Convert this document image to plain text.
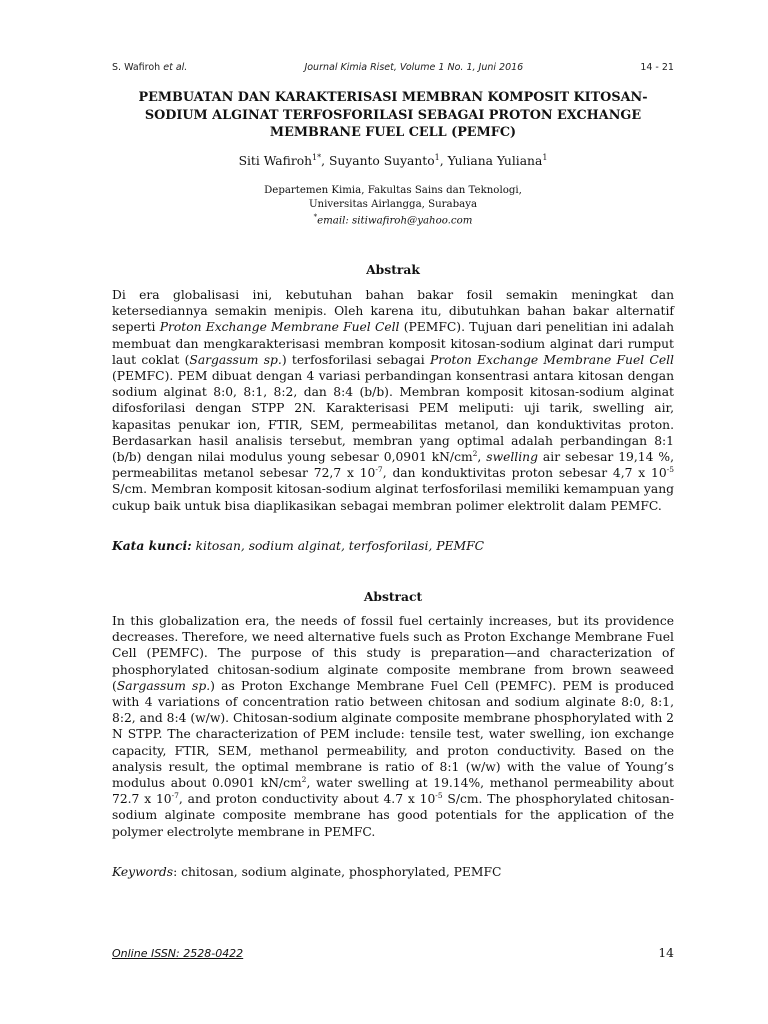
S. Wafiroh et al.	Journal Kimia Riset, Volume 1 No. 1, Juni 2016	14 - 21
PEMBUATAN DAN KARAKTERISASI MEMBRAN KOMPOSIT KITOSAN-SODIUM ALGINAT TERFOSFORILASI SEBAGAI PROTON EXCHANGE MEMBRANE FUEL CELL (PEMFC)
Siti Wafiroh$^{1*}$, Suyanto Suyanto$^1$, Yuliana Yuliana$^1$
Departemen Kimia, Fakultas Sains dan Teknologi,
Universitas Airlangga, Surabaya
*email: sitiwafiroh@yahoo.com
Abstrak

Di era globalisasi ini, kebutuhan bahan bakar fosil semakin meningkat dan ketersediannya semakin menipis. Oleh karena itu, dibutuhkan bahan bakar alternatif seperti Proton Exchange Membrane Fuel Cell (PEMFC). Tujuan dari penelitian ini adalah membuat dan mengkarakterisasi membran komposit kitosan-sodium alginat dari rumput laut coklat (Sargassum sp.) terfosforilasi sebagai Proton Exchange Membrane Fuel Cell (PEMFC). PEM dibuat dengan 4 variasi perbandingan konsentrasi antara kitosan dengan sodium alginat 8:0, 8:1, 8:2, dan 8:4 (b/b). Membran komposit kitosan-sodium alginat difosforilasi dengan STPP 2N. Karakterisasi PEM meliputi: uji tarik, swelling air, kapasitas penukar ion, FTIR, SEM, permeabilitas metanol, dan konduktivitas proton. Berdasarkan hasil analisis tersebut, membran yang optimal adalah perbandingan 8:1 (b/b) dengan nilai modulus young sebesar 0,0901 $kN/cm^2$, swelling air sebesar 19,14 %, permeabilitas metanol sebesar 72,7 x $10^{-7}$, dan konduktivitas proton sebesar 4,7 x $10^{-5}$ S/cm. Membran komposit kitosan-sodium alginat terfosforilasi memiliki kemampuan yang cukup baik untuk bisa diaplikasikan sebagai membran polimer elektrolit dalam PEMFC.

Kata kunci: kitosan, sodium alginat, terfosforilasi, PEMFC

Abstract

In this globalization era, the needs of fossil fuel certainly increases, but its providence decreases. Therefore, we need alternative fuels such as Proton Exchange Membrane Fuel Cell (PEMFC). The purpose of this study is preparation—and characterization of phosphorylated chitosan-sodium alginate composite membrane from brown seaweed (Sargassum sp.) as Proton Exchange Membrane Fuel Cell (PEMFC). PEM is produced with 4 variations of concentration ratio between chitosan and sodium alginate 8:0, 8:1, 8:2, and 8:4 (w/w). Chitosan-sodium alginate composite membrane phosphorylated with 2 N STPP. The characterization of PEM include: tensile test, water swelling, ion exchange capacity, FTIR, SEM, methanol permeability, and proton conductivity. Based on the analysis result, the optimal membrane is ratio of 8:1 (w/w) with the value of Young’s modulus about 0.0901 $kN/cm^2$, water swelling at 19.14%, methanol permeability about 72.7 x $10^{-7}$, and proton conductivity about 4.7 x $10^{-5}$ S/cm. The phosphorylated chitosan-sodium alginate composite membrane has good potentials for the application of the polymer electrolyte membrane in PEMFC.

Keywords: chitosan, sodium alginate, phosphorylated, PEMFC

Online ISSN: 2528-0422	14
